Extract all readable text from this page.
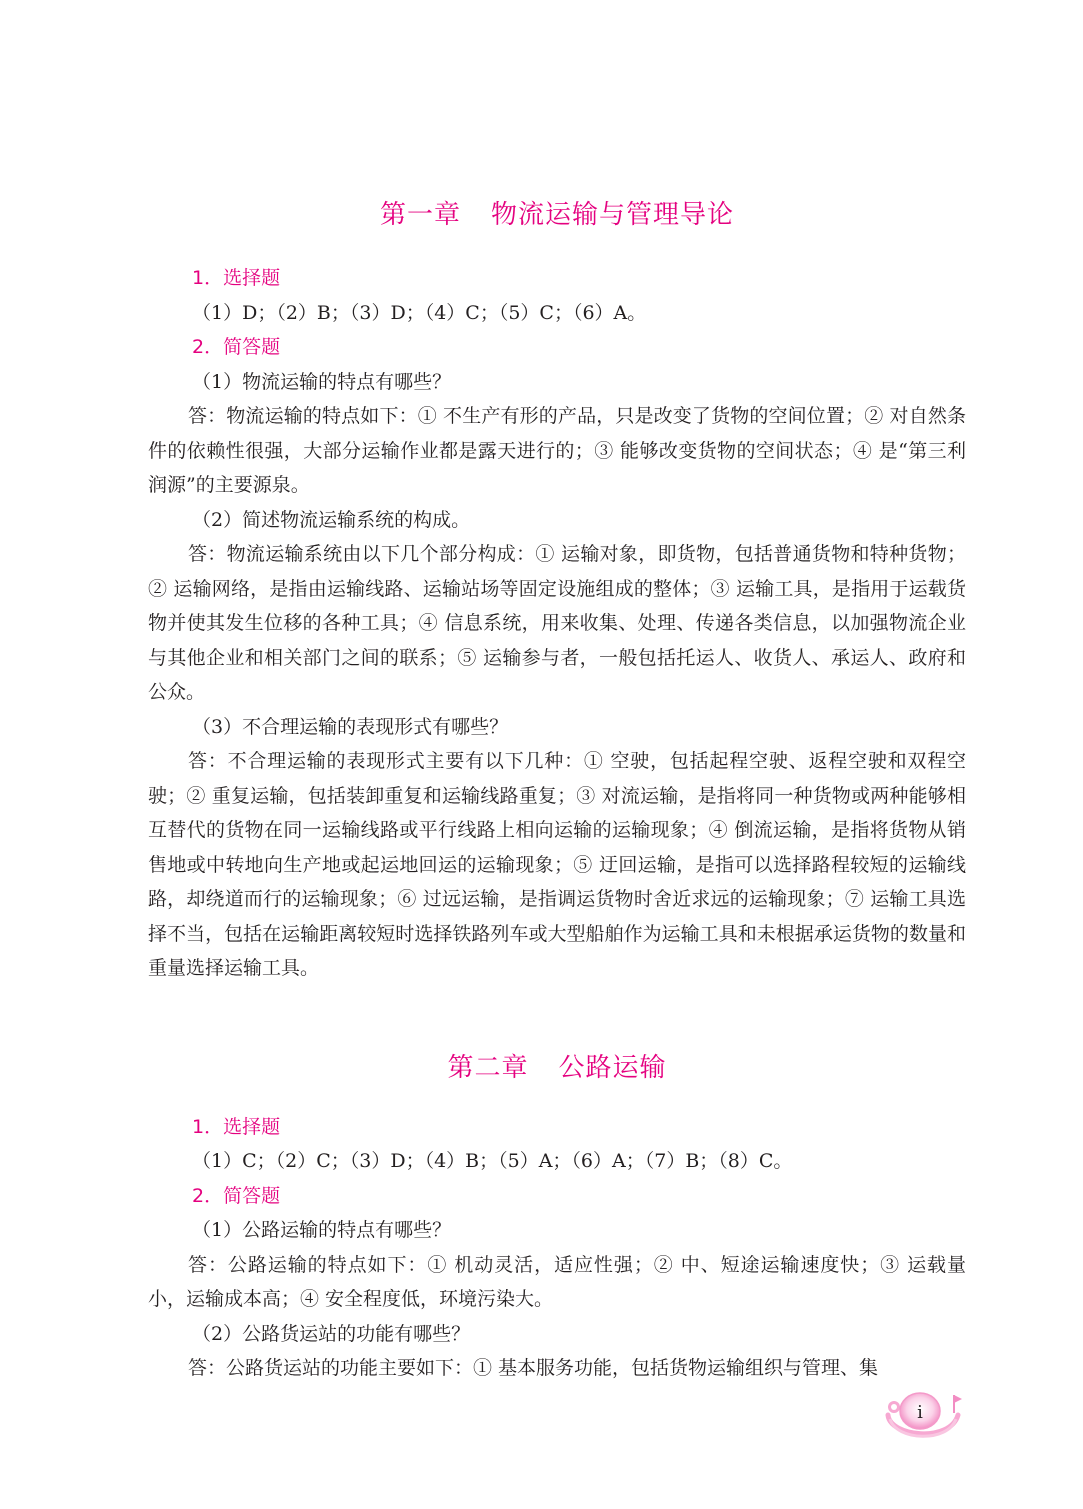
第一章 物流运输与管理导论

1．选择题

（1）D；（2）B；（3）D；（4）C；（5）C；（6）A。

2．简答题

（1）物流运输的特点有哪些？

答：物流运输的特点如下：① 不生产有形的产品，只是改变了货物的空间位置；② 对自然条件的依赖性很强，大部分运输作业都是露天进行的；③ 能够改变货物的空间状态；④ 是“第三利润源”的主要源泉。

（2）简述物流运输系统的构成。

答：物流运输系统由以下几个部分构成：① 运输对象，即货物，包括普通货物和特种货物；② 运输网络，是指由运输线路、运输站场等固定设施组成的整体；③ 运输工具，是指用于运载货物并使其发生位移的各种工具；④ 信息系统，用来收集、处理、传递各类信息，以加强物流企业与其他企业和相关部门之间的联系；⑤ 运输参与者，一般包括托运人、收货人、承运人、政府和公众。

（3）不合理运输的表现形式有哪些？

答：不合理运输的表现形式主要有以下几种：① 空驶，包括起程空驶、返程空驶和双程空驶；② 重复运输，包括装卸重复和运输线路重复；③ 对流运输，是指将同一种货物或两种能够相互替代的货物在同一运输线路或平行线路上相向运输的运输现象；④ 倒流运输，是指将货物从销售地或中转地向生产地或起运地回运的运输现象；⑤ 迂回运输，是指可以选择路程较短的运输线路，却绕道而行的运输现象；⑥ 过远运输，是指调运货物时舍近求远的运输现象；⑦ 运输工具选择不当，包括在运输距离较短时选择铁路列车或大型船舶作为运输工具和未根据承运货物的数量和重量选择运输工具。

第二章 公路运输

1．选择题

（1）C；（2）C；（3）D；（4）B；（5）A；（6）A；（7）B；（8）C。

2．简答题

（1）公路运输的特点有哪些？

答：公路运输的特点如下：① 机动灵活，适应性强；② 中、短途运输速度快；③ 运载量小，运输成本高；④ 安全程度低，环境污染大。

（2）公路货运站的功能有哪些？

答：公路货运站的功能主要如下：① 基本服务功能，包括货物运输组织与管理、集

i
